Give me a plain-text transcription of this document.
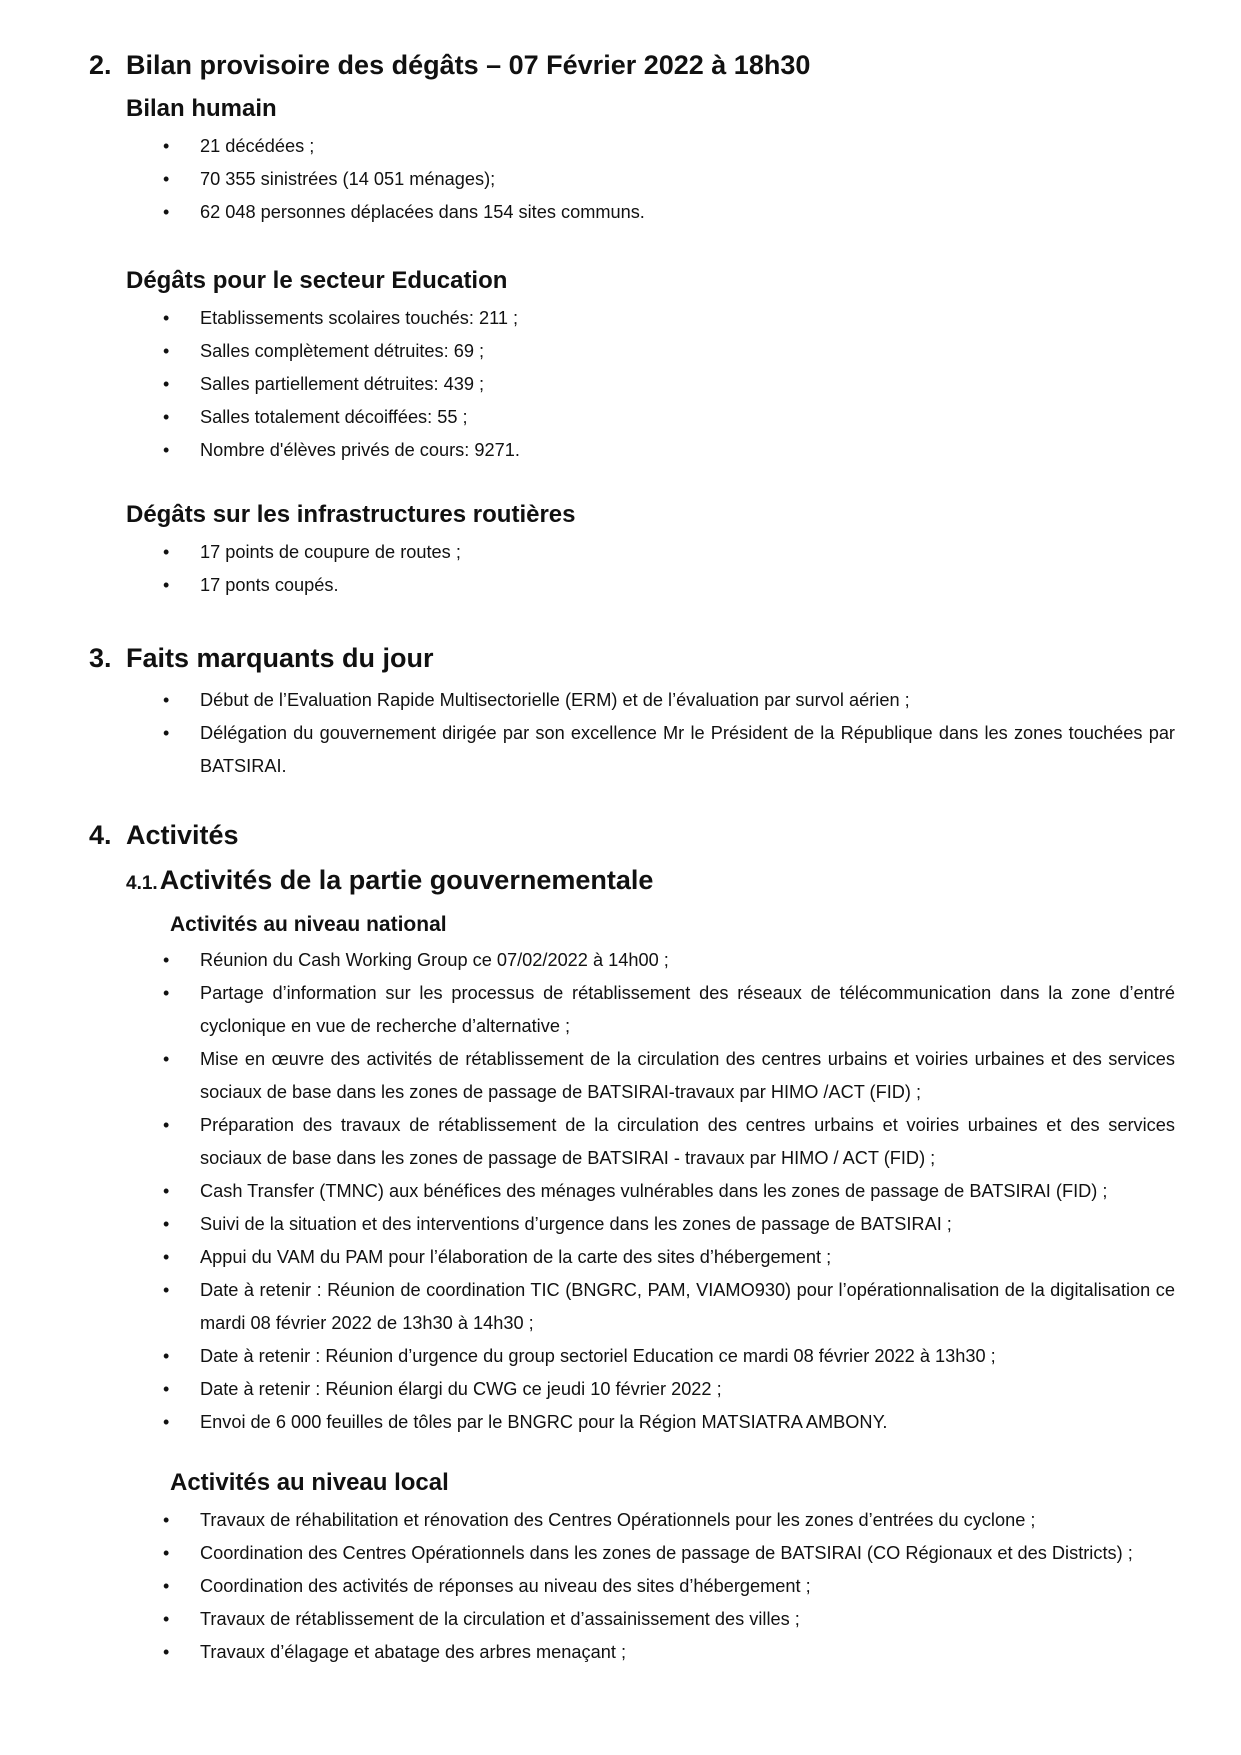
2. Bilan provisoire des dégâts – 07 Février 2022 à 18h30
Bilan humain
• 21 décédées ;
• 70 355 sinistrées (14 051 ménages);
• 62 048 personnes déplacées dans 154 sites communs.
Dégâts pour le secteur Education
• Etablissements scolaires touchés: 211 ;
• Salles complètement détruites: 69 ;
• Salles partiellement détruites: 439 ;
• Salles totalement décoiffées: 55 ;
• Nombre d'élèves privés de cours: 9271.
Dégâts sur les infrastructures routières
• 17 points de coupure de routes ;
• 17 ponts coupés.
3. Faits marquants du jour
• Début de l’Evaluation Rapide Multisectorielle (ERM) et de l’évaluation par survol aérien ;
• Délégation du gouvernement dirigée par son excellence Mr le Président de la République dans les zones touchées par BATSIRAI.
4. Activités
4.1.Activités de la partie gouvernementale
Activités au niveau national
• Réunion du Cash Working Group ce 07/02/2022 à 14h00 ;
• Partage d’information sur les processus de rétablissement des réseaux de télécommunication dans la zone d’entré cyclonique en vue de recherche d’alternative ;
• Mise en œuvre des activités de rétablissement de la circulation des centres urbains et voiries urbaines et des services sociaux de base dans les zones de passage de BATSIRAI-travaux par HIMO /ACT (FID) ;
• Préparation des travaux de rétablissement de la circulation des centres urbains et voiries urbaines et des services sociaux de base dans les zones de passage de BATSIRAI - travaux par HIMO / ACT (FID) ;
• Cash Transfer (TMNC) aux bénéfices des ménages vulnérables dans les zones de passage de BATSIRAI (FID) ;
• Suivi de la situation et des interventions d’urgence dans les zones de passage de BATSIRAI ;
• Appui du VAM du PAM pour l’élaboration de la carte des sites d’hébergement ;
• Date à retenir : Réunion de coordination TIC (BNGRC, PAM, VIAMO930) pour l’opérationnalisation de la digitalisation ce mardi 08 février 2022 de 13h30 à 14h30 ;
• Date à retenir : Réunion d’urgence du group sectoriel Education ce mardi 08 février 2022 à 13h30 ;
• Date à retenir : Réunion élargi du CWG ce jeudi 10 février 2022 ;
• Envoi de 6 000 feuilles de tôles par le BNGRC pour la Région MATSIATRA AMBONY.
Activités au niveau local
• Travaux de réhabilitation et rénovation des Centres Opérationnels pour les zones d’entrées du cyclone ;
• Coordination des Centres Opérationnels dans les zones de passage de BATSIRAI (CO Régionaux et des Districts) ;
• Coordination des activités de réponses au niveau des sites d’hébergement ;
• Travaux de rétablissement de la circulation et d’assainissement des villes ;
• Travaux d’élagage et abatage des arbres menaçant ;
